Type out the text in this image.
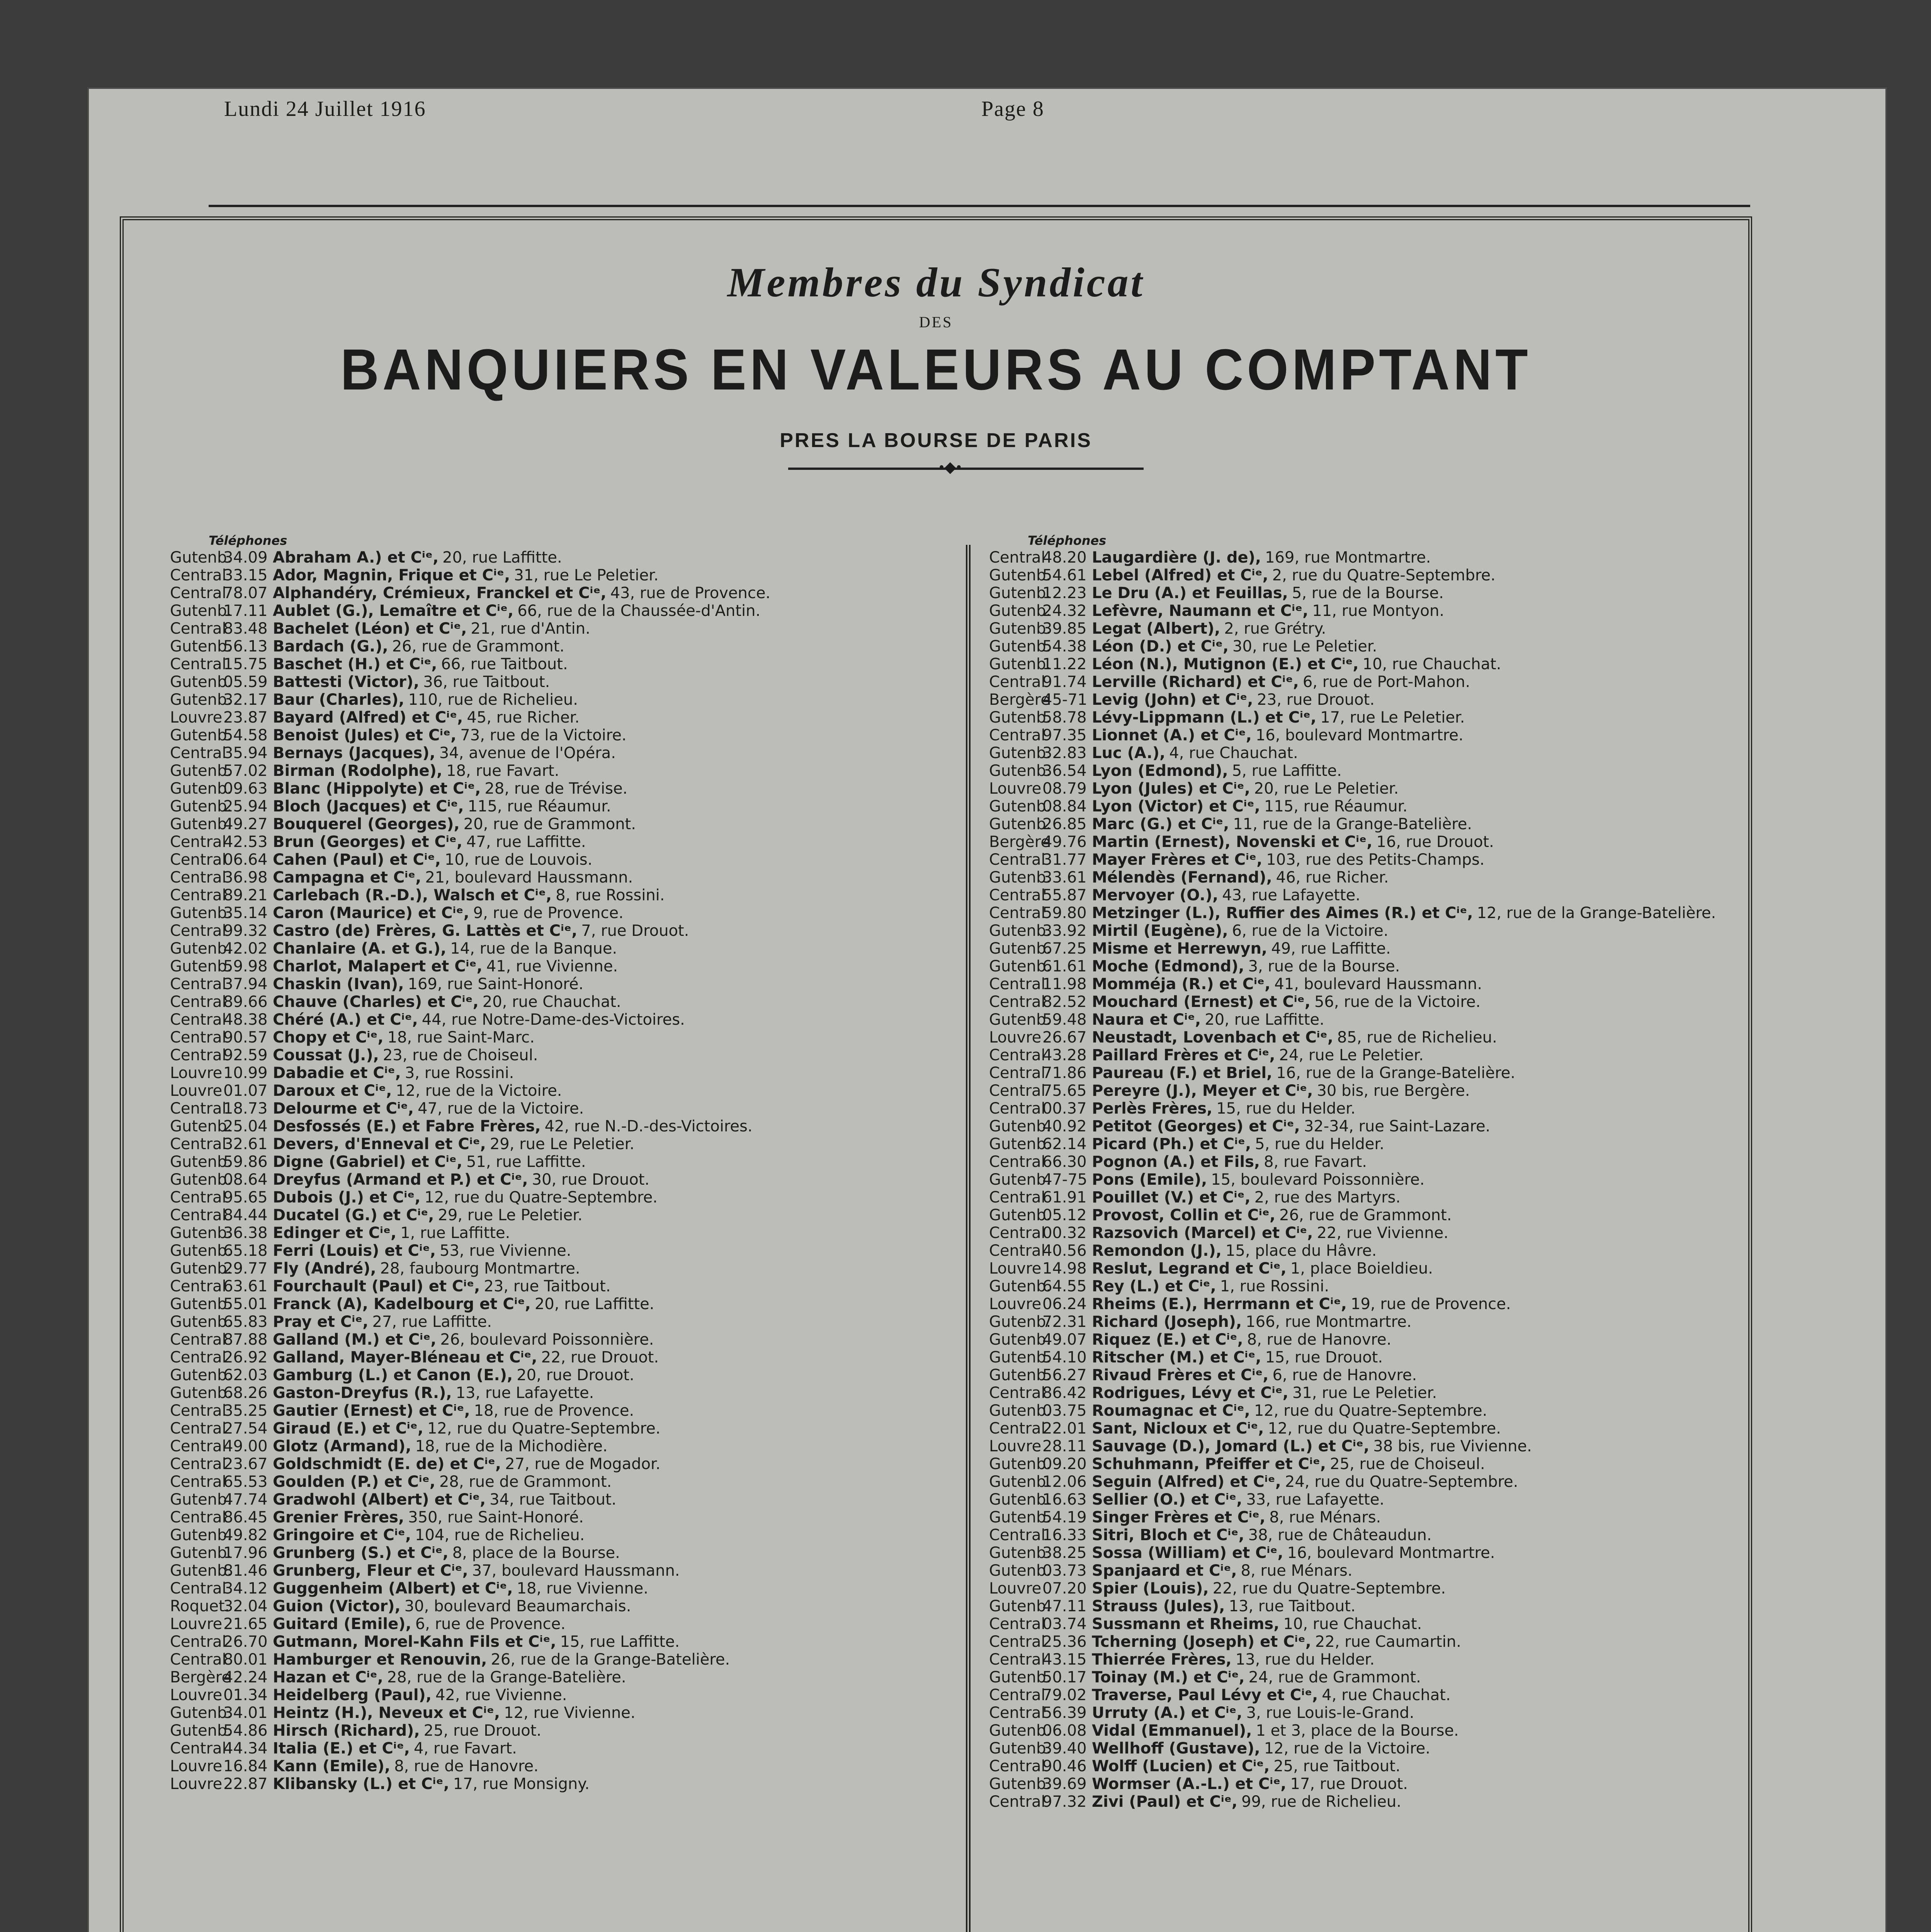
Lundi 24 Juillet 1916	Page 8
Membres du Syndicat
DES
BANQUIERS EN VALEURS AU COMPTANT
PRES LA BOURSE DE PARIS
•◆•
Téléphones
Gutenb.
34.09 Abraham A.) et Cⁱᵉ, 20, rue Laffitte.
Central
33.15 Ador, Magnin, Frique et Cⁱᵉ, 31, rue Le Peletier.
Central
78.07 Alphandéry, Crémieux, Franckel et Cⁱᵉ, 43, rue de Provence.
Gutenb.
17.11 Aublet (G.), Lemaître et Cⁱᵉ, 66, rue de la Chaussée-d'Antin.
Central
83.48 Bachelet (Léon) et Cⁱᵉ, 21, rue d'Antin.
Gutenb.
56.13 Bardach (G.), 26, rue de Grammont.
Central
15.75 Baschet (H.) et Cⁱᵉ, 66, rue Taitbout.
Gutenb.
05.59 Battesti (Victor), 36, rue Taitbout.
Gutenb.
32.17 Baur (Charles), 110, rue de Richelieu.
Louvre 23.87 Bayard (Alfred) et Cⁱᵉ, 45, rue Richer.
Gutenb.
54.58 Benoist (Jules) et Cⁱᵉ, 73, rue de la Victoire.
Central
35.94 Bernays (Jacques), 34, avenue de l'Opéra.
Gutenb.
57.02 Birman (Rodolphe), 18, rue Favart.
Gutenb.
09.63 Blanc (Hippolyte) et Cⁱᵉ, 28, rue de Trévise.
Gutenb.
25.94 Bloch (Jacques) et Cⁱᵉ, 115, rue Réaumur.
Gutenb.
49.27 Bouquerel (Georges), 20, rue de Grammont.
Central
42.53 Brun (Georges) et Cⁱᵉ, 47, rue Laffitte.
Central
06.64 Cahen (Paul) et Cⁱᵉ, 10, rue de Louvois.
Central
36.98 Campagna et Cⁱᵉ, 21, boulevard Haussmann.
Central
89.21 Carlebach (R.-D.), Walsch et Cⁱᵉ, 8, rue Rossini.
Gutenb.
35.14 Caron (Maurice) et Cⁱᵉ, 9, rue de Provence.
Central
99.32 Castro (de) Frères, G. Lattès et Cⁱᵉ, 7, rue Drouot.
Gutenb.
42.02 Chanlaire (A. et G.), 14, rue de la Banque.
Gutenb.
59.98 Charlot, Malapert et Cⁱᵉ, 41, rue Vivienne.
Central
37.94 Chaskin (Ivan), 169, rue Saint-Honoré.
Central
89.66 Chauve (Charles) et Cⁱᵉ, 20, rue Chauchat.
Central
48.38 Chéré (A.) et Cⁱᵉ, 44, rue Notre-Dame-des-Victoires.
Central
90.57 Chopy et Cⁱᵉ, 18, rue Saint-Marc.
Central
92.59 Coussat (J.), 23, rue de Choiseul.
Louvre 10.99 Dabadie et Cⁱᵉ, 3, rue Rossini.
Louvre 01.07 Daroux et Cⁱᵉ, 12, rue de la Victoire.
Central
18.73 Delourme et Cⁱᵉ, 47, rue de la Victoire.
Gutenb.
25.04 Desfossés (E.) et Fabre Frères, 42, rue N.-D.-des-Victoires.
Central
32.61 Devers, d'Enneval et Cⁱᵉ, 29, rue Le Peletier.
Gutenb.
59.86 Digne (Gabriel) et Cⁱᵉ, 51, rue Laffitte.
Gutenb.
08.64 Dreyfus (Armand et P.) et Cⁱᵉ, 30, rue Drouot.
Central
95.65 Dubois (J.) et Cⁱᵉ, 12, rue du Quatre-Septembre.
Central
84.44 Ducatel (G.) et Cⁱᵉ, 29, rue Le Peletier.
Gutenb.
36.38 Edinger et Cⁱᵉ, 1, rue Laffitte.
Gutenb.
65.18 Ferri (Louis) et Cⁱᵉ, 53, rue Vivienne.
Gutenb.
29.77 Fly (André), 28, faubourg Montmartre.
Central
63.61 Fourchault (Paul) et Cⁱᵉ, 23, rue Taitbout.
Gutenb.
55.01 Franck (A), Kadelbourg et Cⁱᵉ, 20, rue Laffitte.
Gutenb.
65.83 Pray et Cⁱᵉ, 27, rue Laffitte.
Central
87.88 Galland (M.) et Cⁱᵉ, 26, boulevard Poissonnière.
Central
26.92 Galland, Mayer-Bléneau et Cⁱᵉ, 22, rue Drouot.
Gutenb.
62.03 Gamburg (L.) et Canon (E.), 20, rue Drouot.
Gutenb.
68.26 Gaston-Dreyfus (R.), 13, rue Lafayette.
Central
35.25 Gautier (Ernest) et Cⁱᵉ, 18, rue de Provence.
Central
27.54 Giraud (E.) et Cⁱᵉ, 12, rue du Quatre-Septembre.
Central
49.00 Glotz (Armand), 18, rue de la Michodière.
Central
23.67 Goldschmidt (E. de) et Cⁱᵉ, 27, rue de Mogador.
Central
65.53 Goulden (P.) et Cⁱᵉ, 28, rue de Grammont.
Gutenb.
47.74 Gradwohl (Albert) et Cⁱᵉ, 34, rue Taitbout.
Central
86.45 Grenier Frères, 350, rue Saint-Honoré.
Gutenb.
49.82 Gringoire et Cⁱᵉ, 104, rue de Richelieu.
Gutenb.
17.96 Grunberg (S.) et Cⁱᵉ, 8, place de la Bourse.
Gutenb.
81.46 Grunberg, Fleur et Cⁱᵉ, 37, boulevard Haussmann.
Central
34.12 Guggenheim (Albert) et Cⁱᵉ, 18, rue Vivienne.
Roquet.
32.04 Guion (Victor), 30, boulevard Beaumarchais.
Louvre 21.65 Guitard (Emile), 6, rue de Provence.
Central
26.70 Gutmann, Morel-Kahn Fils et Cⁱᵉ, 15, rue Laffitte.
Central
80.01 Hamburger et Renouvin, 26, rue de la Grange-Batelière.
Bergère
42.24 Hazan et Cⁱᵉ, 28, rue de la Grange-Batelière.
Louvre 01.34 Heidelberg (Paul), 42, rue Vivienne.
Gutenb.
34.01 Heintz (H.), Neveux et Cⁱᵉ, 12, rue Vivienne.
Gutenb.
54.86 Hirsch (Richard), 25, rue Drouot.
Central
44.34 Italia (E.) et Cⁱᵉ, 4, rue Favart.
Louvre 16.84 Kann (Emile), 8, rue de Hanovre.
Louvre 22.87 Klibansky (L.) et Cⁱᵉ, 17, rue Monsigny.
Téléphones
Central
48.20 Laugardière (J. de), 169, rue Montmartre.
Gutenb.
54.61 Lebel (Alfred) et Cⁱᵉ, 2, rue du Quatre-Septembre.
Gutenb.
12.23 Le Dru (A.) et Feuillas, 5, rue de la Bourse.
Gutenb.
24.32 Lefèvre, Naumann et Cⁱᵉ, 11, rue Montyon.
Gutenb.
39.85 Legat (Albert), 2, rue Grétry.
Gutenb.
54.38 Léon (D.) et Cⁱᵉ, 30, rue Le Peletier.
Gutenb.
11.22 Léon (N.), Mutignon (E.) et Cⁱᵉ, 10, rue Chauchat.
Central
91.74 Lerville (Richard) et Cⁱᵉ, 6, rue de Port-Mahon.
Bergère
45-71 Levig (John) et Cⁱᵉ, 23, rue Drouot.
Gutenb.
58.78 Lévy-Lippmann (L.) et Cⁱᵉ, 17, rue Le Peletier.
Central
97.35 Lionnet (A.) et Cⁱᵉ, 16, boulevard Montmartre.
Gutenb.
32.83 Luc (A.), 4, rue Chauchat.
Gutenb.
36.54 Lyon (Edmond), 5, rue Laffitte.
Louvre 08.79 Lyon (Jules) et Cⁱᵉ, 20, rue Le Peletier.
Gutenb.
08.84 Lyon (Victor) et Cⁱᵉ, 115, rue Réaumur.
Gutenb.
26.85 Marc (G.) et Cⁱᵉ, 11, rue de la Grange-Batelière.
Bergère
49.76 Martin (Ernest), Novenski et Cⁱᵉ, 16, rue Drouot.
Central
31.77 Mayer Frères et Cⁱᵉ, 103, rue des Petits-Champs.
Gutenb.
33.61 Mélendès (Fernand), 46, rue Richer.
Central
55.87 Mervoyer (O.), 43, rue Lafayette.
Central
59.80 Metzinger (L.), Ruffier des Aimes (R.) et Cⁱᵉ, 12, rue de la Grange-Batelière.
Gutenb.
33.92 Mirtil (Eugène), 6, rue de la Victoire.
Gutenb.
67.25 Misme et Herrewyn, 49, rue Laffitte.
Gutenb.
61.61 Moche (Edmond), 3, rue de la Bourse.
Central
11.98 Momméja (R.) et Cⁱᵉ, 41, boulevard Haussmann.
Central
82.52 Mouchard (Ernest) et Cⁱᵉ, 56, rue de la Victoire.
Gutenb.
59.48 Naura et Cⁱᵉ, 20, rue Laffitte.
Louvre 26.67 Neustadt, Lovenbach et Cⁱᵉ, 85, rue de Richelieu.
Central
43.28 Paillard Frères et Cⁱᵉ, 24, rue Le Peletier.
Central
71.86 Paureau (F.) et Briel, 16, rue de la Grange-Batelière.
Central
75.65 Pereyre (J.), Meyer et Cⁱᵉ, 30 bis, rue Bergère.
Central
00.37 Perlès Frères, 15, rue du Helder.
Gutenb.
40.92 Petitot (Georges) et Cⁱᵉ, 32-34, rue Saint-Lazare.
Gutenb.
62.14 Picard (Ph.) et Cⁱᵉ, 5, rue du Helder.
Central
66.30 Pognon (A.) et Fils, 8, rue Favart.
Gutenb.
47-75 Pons (Emile), 15, boulevard Poissonnière.
Central
61.91 Pouillet (V.) et Cⁱᵉ, 2, rue des Martyrs.
Gutenb.
05.12 Provost, Collin et Cⁱᵉ, 26, rue de Grammont.
Central
00.32 Razsovich (Marcel) et Cⁱᵉ, 22, rue Vivienne.
Central
40.56 Remondon (J.), 15, place du Hâvre.
Louvre 14.98 Reslut, Legrand et Cⁱᵉ, 1, place Boieldieu.
Gutenb.
64.55 Rey (L.) et Cⁱᵉ, 1, rue Rossini.
Louvre 06.24 Rheims (E.), Herrmann et Cⁱᵉ, 19, rue de Provence.
Gutenb.
72.31 Richard (Joseph), 166, rue Montmartre.
Gutenb.
49.07 Riquez (E.) et Cⁱᵉ, 8, rue de Hanovre.
Gutenb.
54.10 Ritscher (M.) et Cⁱᵉ, 15, rue Drouot.
Gutenb.
56.27 Rivaud Frères et Cⁱᵉ, 6, rue de Hanovre.
Central
86.42 Rodrigues, Lévy et Cⁱᵉ, 31, rue Le Peletier.
Gutenb.
03.75 Roumagnac et Cⁱᵉ, 12, rue du Quatre-Septembre.
Central
22.01 Sant, Nicloux et Cⁱᵉ, 12, rue du Quatre-Septembre.
Louvre 28.11 Sauvage (D.), Jomard (L.) et Cⁱᵉ, 38 bis, rue Vivienne.
Gutenb.
09.20 Schuhmann, Pfeiffer et Cⁱᵉ, 25, rue de Choiseul.
Gutenb.
12.06 Seguin (Alfred) et Cⁱᵉ, 24, rue du Quatre-Septembre.
Gutenb.
16.63 Sellier (O.) et Cⁱᵉ, 33, rue Lafayette.
Gutenb.
54.19 Singer Frères et Cⁱᵉ, 8, rue Ménars.
Central
16.33 Sitri, Bloch et Cⁱᵉ, 38, rue de Châteaudun.
Gutenb.
38.25 Sossa (William) et Cⁱᵉ, 16, boulevard Montmartre.
Gutenb.
03.73 Spanjaard et Cⁱᵉ, 8, rue Ménars.
Louvre 07.20 Spier (Louis), 22, rue du Quatre-Septembre.
Gutenb.
47.11 Strauss (Jules), 13, rue Taitbout.
Central
03.74 Sussmann et Rheims, 10, rue Chauchat.
Central
25.36 Tcherning (Joseph) et Cⁱᵉ, 22, rue Caumartin.
Central
43.15 Thierrée Frères, 13, rue du Helder.
Gutenb.
50.17 Toinay (M.) et Cⁱᵉ, 24, rue de Grammont.
Central
79.02 Traverse, Paul Lévy et Cⁱᵉ, 4, rue Chauchat.
Central
56.39 Urruty (A.) et Cⁱᵉ, 3, rue Louis-le-Grand.
Gutenb.
06.08 Vidal (Emmanuel), 1 et 3, place de la Bourse.
Gutenb.
39.40 Wellhoff (Gustave), 12, rue de la Victoire.
Central
90.46 Wolff (Lucien) et Cⁱᵉ, 25, rue Taitbout.
Gutenb.
39.69 Wormser (A.-L.) et Cⁱᵉ, 17, rue Drouot.
Central
97.32 Zivi (Paul) et Cⁱᵉ, 99, rue de Richelieu.
